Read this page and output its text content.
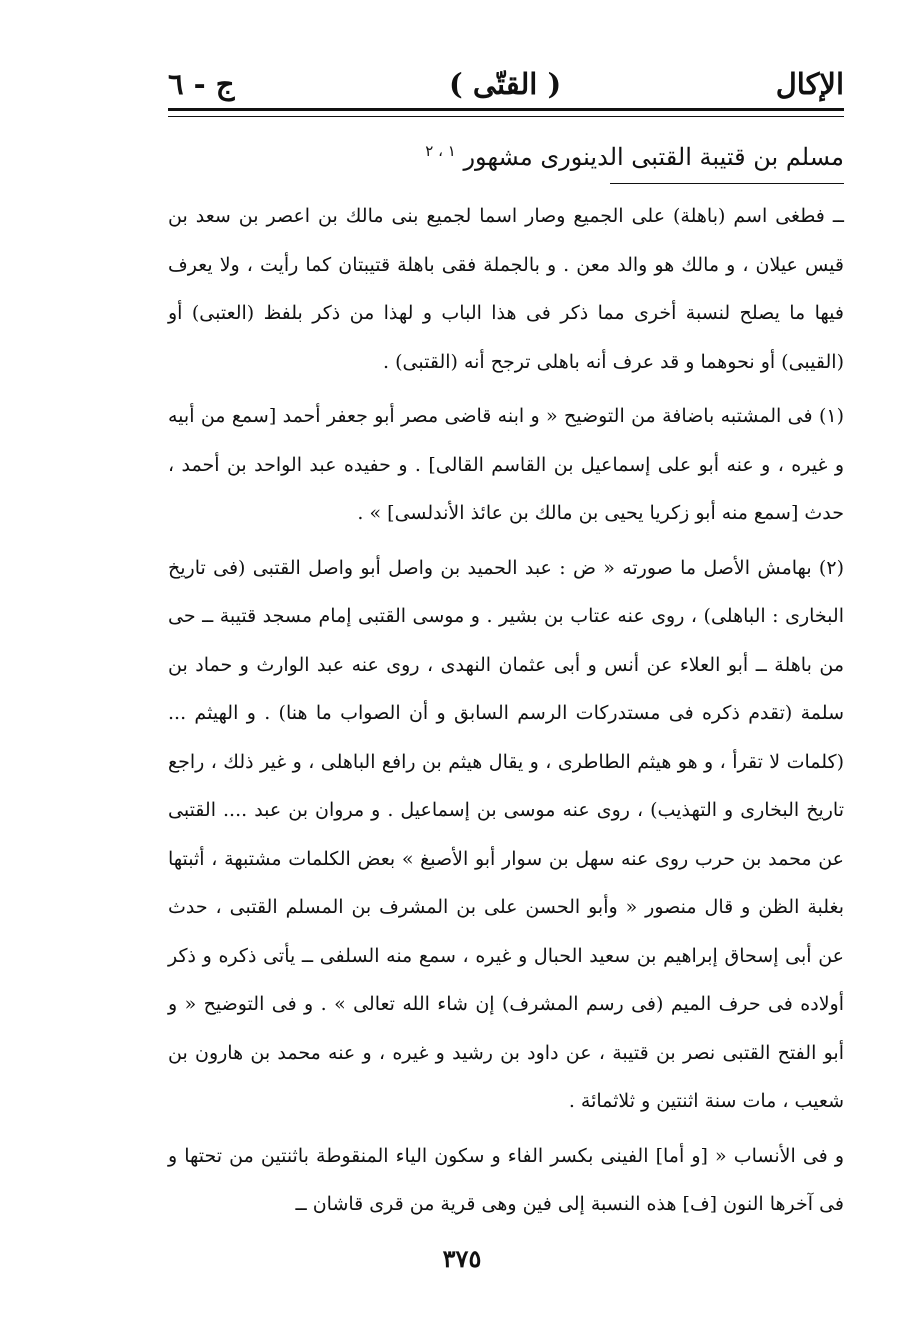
الإكال
( القتّى )
ج - ٦
مسلم بن قتيبة القتبى الدينورى مشهور $^{١ ، ٢}$

ــ فطغى اسم (باهلة) على الجميع وصار اسما لجميع بنى مالك بن اعصر بن سعد بن قيس عيلان ، و مالك هو والد معن . و بالجملة فقى باهلة قتيبتان كما رأيت ، ولا يعرف فيها ما يصلح لنسبة أخرى مما ذكر فى هذا الباب و لهذا من ذكر بلفظ (العتبى) أو (القيبى) أو نحوهما و قد عرف أنه باهلى ترجح أنه (القتبى) .

(١) فى المشتبه باضافة من التوضيح « و ابنه قاضى مصر أبو جعفر أحمد [سمع من أبيه و غيره ، و عنه أبو على إسماعيل بن القاسم القالى] . و حفيده عبد الواحد بن أحمد ، حدث [سمع منه أبو زكريا يحيى بن مالك بن عائذ الأندلسى] » .

(٢) بهامش الأصل ما صورته « ض : عبد الحميد بن واصل أبو واصل القتبى (فى تاريخ البخارى : الباهلى) ، روى عنه عتاب بن بشير . و موسى القتبى إمام مسجد قتيبة ــ حى من باهلة ــ أبو العلاء عن أنس و أبى عثمان النهدى ، روى عنه عبد الوارث و حماد بن سلمة (تقدم ذكره فى مستدركات الرسم السابق و أن الصواب ما هنا) . و الهيثم ... (كلمات لا تقرأ ، و هو هيثم الطاطرى ، و يقال هيثم بن رافع الباهلى ، و غير ذلك ، راجع تاريخ البخارى و التهذيب) ، روى عنه موسى بن إسماعيل . و مروان بن عبد .... القتبى عن محمد بن حرب روى عنه سهل بن سوار أبو الأصبغ » بعض الكلمات مشتبهة ، أثبتها بغلبة الظن و قال منصور « وأبو الحسن على بن المشرف بن المسلم القتبى ، حدث عن أبى إسحاق إبراهيم بن سعيد الحبال و غيره ، سمع منه السلفى ــ يأتى ذكره و ذكر أولاده فى حرف الميم (فى رسم المشرف) إن شاء الله تعالى » . و فى التوضيح « و أبو الفتح القتبى نصر بن قتيبة ، عن داود بن رشيد و غيره ، و عنه محمد بن هارون بن شعيب ، مات سنة اثنتين و ثلاثمائة .

و فى الأنساب « [و أما] الفينى بكسر الفاء و سكون الياء المنقوطة باثنتين من تحتها و فى آخرها النون [ف] هذه النسبة إلى فين وهى قرية من قرى قاشان ــ

٣٧٥
